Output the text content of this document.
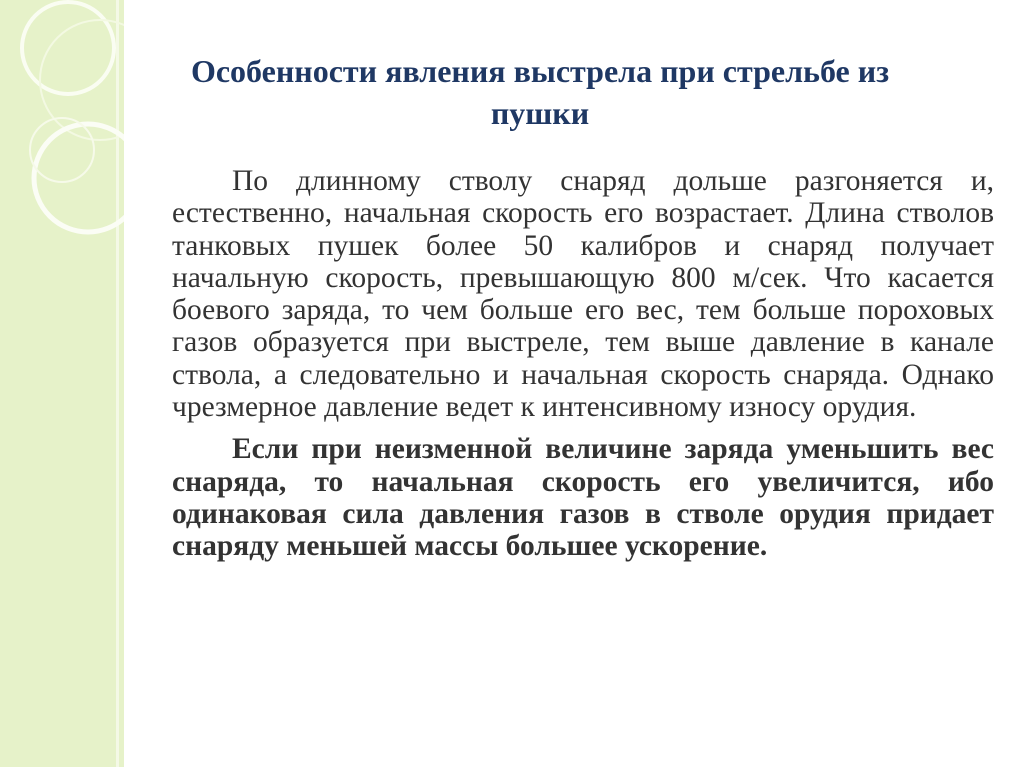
Особенности явления выстрела при стрельбе из пушки

По длинному стволу снаряд дольше разгоняется и, естественно, начальная скорость его возрастает. Длина стволов танковых пушек более 50 калибров и снаряд получает начальную скорость, превышающую 800 м/сек. Что касается боевого заряда, то чем больше его вес, тем больше пороховых газов образуется при выстреле, тем выше давление в канале ствола, а следовательно и начальная скорость снаряда. Однако чрезмерное давление ведет к интенсивному износу орудия.

Если при неизменной величине заряда уменьшить вес снаряда, то начальная скорость его увеличится, ибо одинаковая сила давления газов в стволе орудия придает снаряду меньшей массы большее ускорение.
